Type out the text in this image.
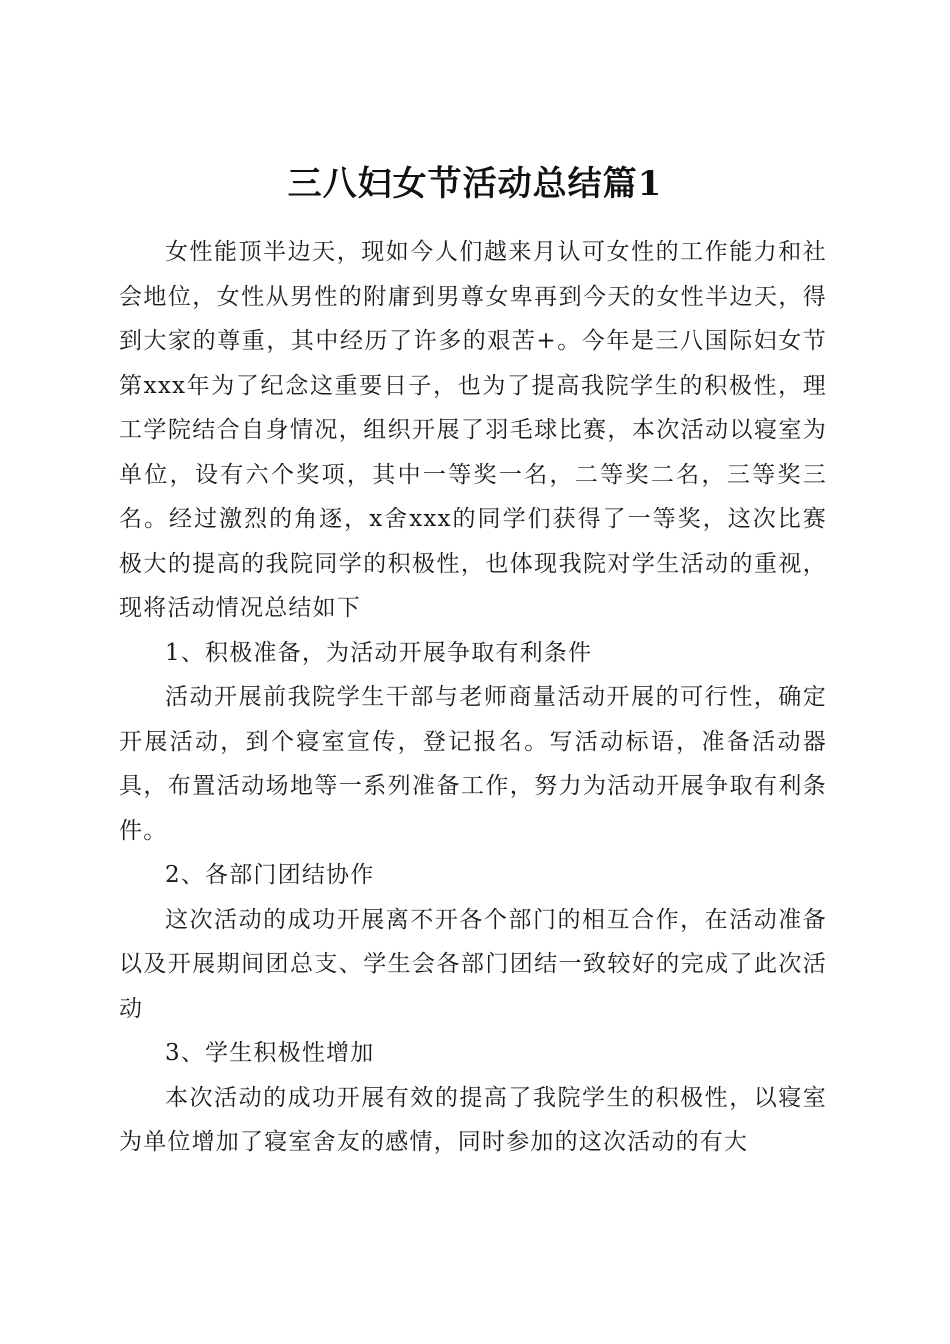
三八妇女节活动总结篇1

女性能顶半边天，现如今人们越来月认可女性的工作能力和社会地位，女性从男性的附庸到男尊女卑再到今天的女性半边天，得到大家的尊重，其中经历了许多的艰苦+。今年是三八国际妇女节第xxx年为了纪念这重要日子，也为了提高我院学生的积极性，理工学院结合自身情况，组织开展了羽毛球比赛，本次活动以寝室为单位，设有六个奖项，其中一等奖一名，二等奖二名，三等奖三名。经过激烈的角逐，x舍xxx的同学们获得了一等奖，这次比赛极大的提高的我院同学的积极性，也体现我院对学生活动的重视，现将活动情况总结如下

1、积极准备，为活动开展争取有利条件

活动开展前我院学生干部与老师商量活动开展的可行性，确定开展活动，到个寝室宣传，登记报名。写活动标语，准备活动器具，布置活动场地等一系列准备工作，努力为活动开展争取有利条件。

2、各部门团结协作

这次活动的成功开展离不开各个部门的相互合作，在活动准备以及开展期间团总支、学生会各部门团结一致较好的完成了此次活动

3、学生积极性增加

本次活动的成功开展有效的提高了我院学生的积极性，以寝室为单位增加了寝室舍友的感情，同时参加的这次活动的有大
